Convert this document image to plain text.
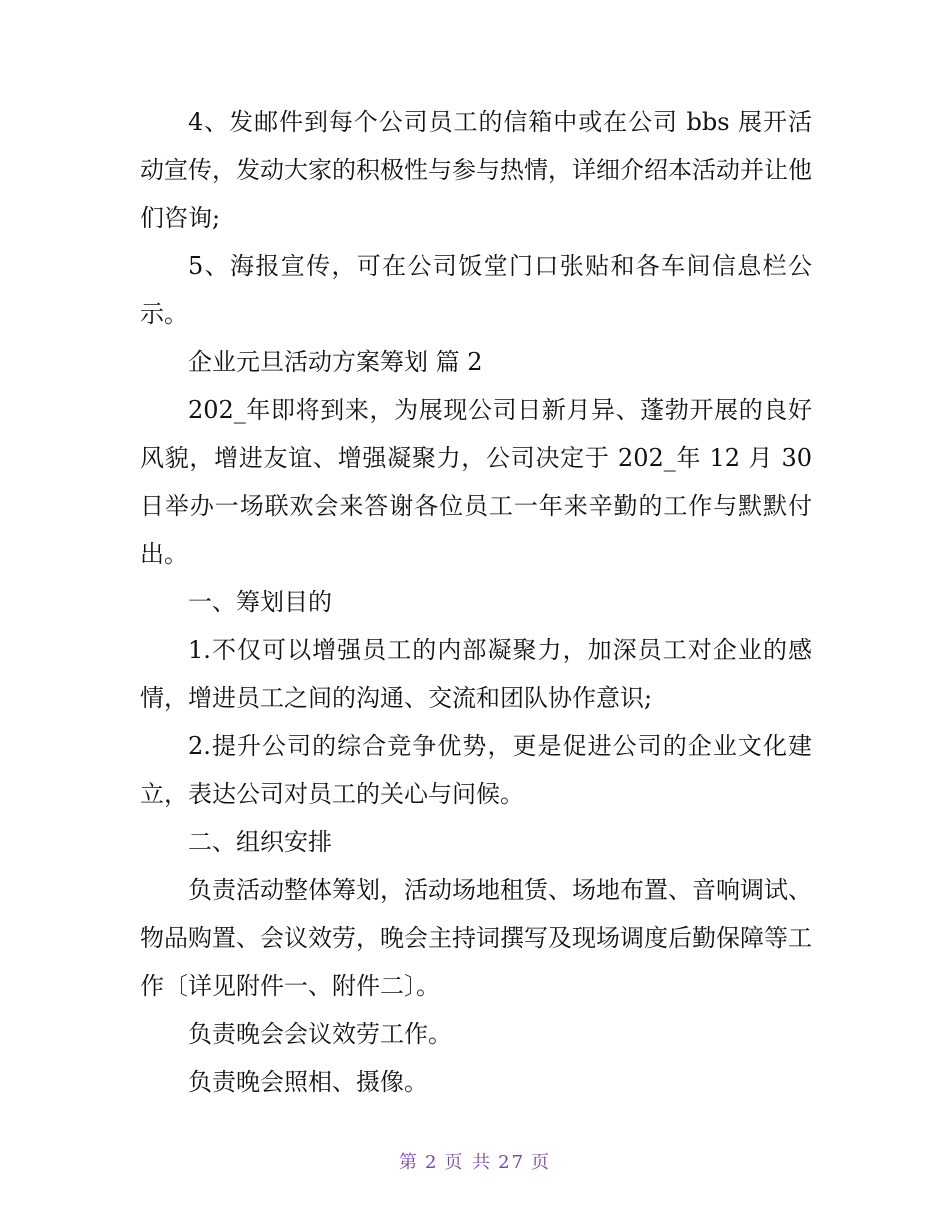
4、发邮件到每个公司员工的信箱中或在公司 bbs 展开活动宣传，发动大家的积极性与参与热情，详细介绍本活动并让他们咨询;

5、海报宣传，可在公司饭堂门口张贴和各车间信息栏公示。

企业元旦活动方案筹划 篇 2

202_年即将到来，为展现公司日新月异、蓬勃开展的良好风貌，增进友谊、增强凝聚力，公司决定于 202_年 12 月 30 日举办一场联欢会来答谢各位员工一年来辛勤的工作与默默付出。

一、筹划目的

1.不仅可以增强员工的内部凝聚力，加深员工对企业的感情，增进员工之间的沟通、交流和团队协作意识;

2.提升公司的综合竞争优势，更是促进公司的企业文化建立，表达公司对员工的关心与问候。

二、组织安排

负责活动整体筹划，活动场地租赁、场地布置、音响调试、物品购置、会议效劳，晚会主持词撰写及现场调度后勤保障等工作〔详见附件一、附件二〕。

负责晚会会议效劳工作。

负责晚会照相、摄像。

第 2 页 共 27 页
